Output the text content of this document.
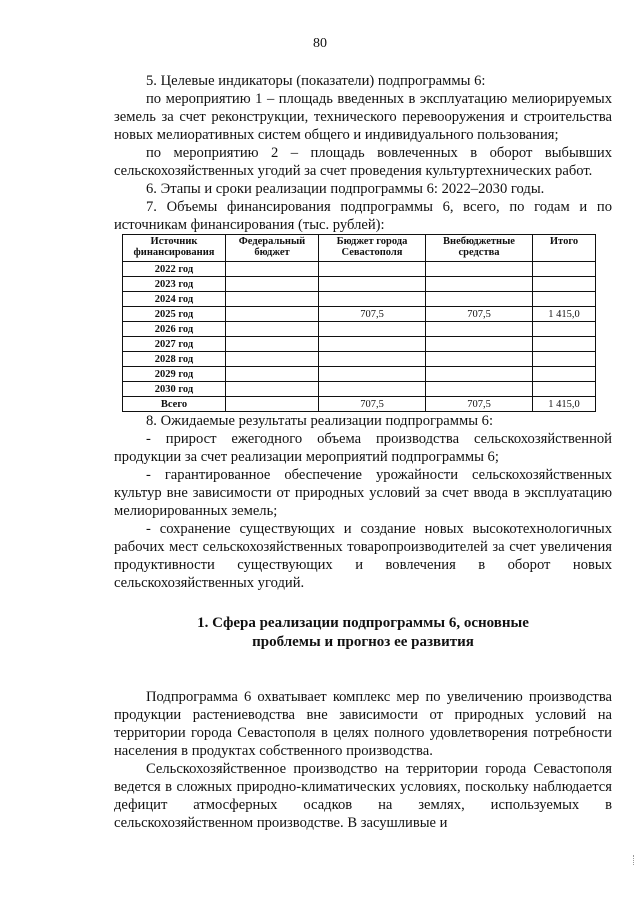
80

5. Целевые индикаторы (показатели) подпрограммы 6:

по мероприятию 1 – площадь введенных в эксплуатацию мелиорируемых земель за счет реконструкции, технического перевооружения и строительства новых мелиоративных систем общего и индивидуального пользования;

по мероприятию 2 – площадь вовлеченных в оборот выбывших сельскохозяйственных угодий за счет проведения культуртехнических работ.

6. Этапы и сроки реализации подпрограммы 6: 2022–2030 годы.

7. Объемы финансирования подпрограммы 6, всего, по годам и по источникам финансирования (тыс. рублей):

Источник финансирования	Федеральный бюджет	Бюджет города Севастополя	Внебюджетные средства	Итого
2022 год				
2023 год				
2024 год				
2025 год		707,5	707,5	1 415,0
2026 год				
2027 год				
2028 год				
2029 год				
2030 год				
Всего		707,5	707,5	1 415,0

8. Ожидаемые результаты реализации подпрограммы 6:

- прирост ежегодного объема производства сельскохозяйственной продукции за счет реализации мероприятий подпрограммы 6;

- гарантированное обеспечение урожайности сельскохозяйственных культур вне зависимости от природных условий за счет ввода в эксплуатацию мелиорированных земель;

- сохранение существующих и создание новых высокотехнологичных рабочих мест сельскохозяйственных товаропроизводителей за счет увеличения продуктивности существующих и вовлечения в оборот новых сельскохозяйственных угодий.

1. Сфера реализации подпрограммы 6, основные
проблемы и прогноз ее развития

Подпрограмма 6 охватывает комплекс мер по увеличению производства продукции растениеводства вне зависимости от природных условий на территории города Севастополя в целях полного удовлетворения потребности населения в продуктах собственного производства.

Сельскохозяйственное производство на территории города Севастополя ведется в сложных природно-климатических условиях, поскольку наблюдается дефицит атмосферных осадков на землях, используемых в сельскохозяйственном производстве. В засушливые и
